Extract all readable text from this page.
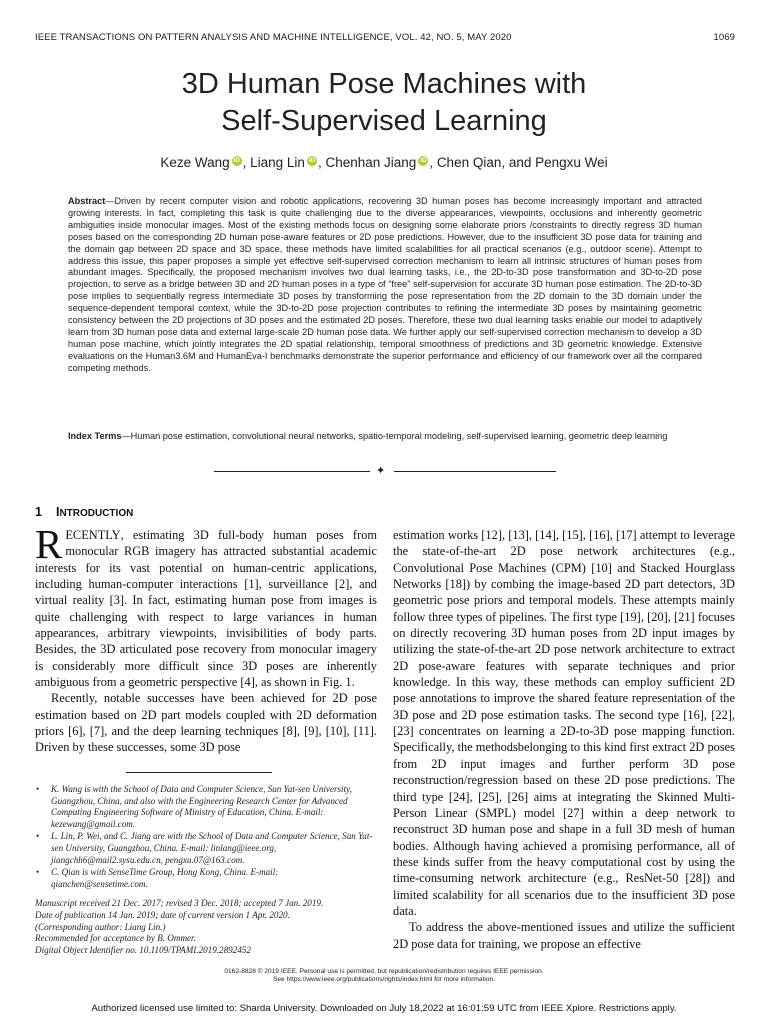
IEEE TRANSACTIONS ON PATTERN ANALYSIS AND MACHINE INTELLIGENCE, VOL. 42, NO. 5, MAY 2020	1069
3D Human Pose Machines with
Self-Supervised Learning
Keze Wang iD , Liang Lin iD , Chenhan Jiang iD , Chen Qian, and Pengxu Wei
Abstract—Driven by recent computer vision and robotic applications, recovering 3D human poses has become increasingly important and attracted growing interests. In fact, completing this task is quite challenging due to the diverse appearances, viewpoints, occlusions and inherently geometric ambiguities inside monocular images. Most of the existing methods focus on designing some elaborate priors /constraints to directly regress 3D human poses based on the corresponding 2D human pose-aware features or 2D pose predictions. However, due to the insufficient 3D pose data for training and the domain gap between 2D space and 3D space, these methods have limited scalabilities for all practical scenarios (e.g., outdoor scene). Attempt to address this issue, this paper proposes a simple yet effective self-supervised correction mechanism to learn all intrinsic structures of human poses from abundant images. Specifically, the proposed mechanism involves two dual learning tasks, i.e., the 2D-to-3D pose transformation and 3D-to-2D pose projection, to serve as a bridge between 3D and 2D human poses in a type of “free” self-supervision for accurate 3D human pose estimation. The 2D-to-3D pose implies to sequentially regress intermediate 3D poses by transforming the pose representation from the 2D domain to the 3D domain under the sequence-dependent temporal context, while the 3D-to-2D pose projection contributes to refining the intermediate 3D poses by maintaining geometric consistency between the 2D projections of 3D poses and the estimated 2D poses. Therefore, these two dual learning tasks enable our model to adaptively learn from 3D human pose data and external large-scale 2D human pose data. We further apply our self-supervised correction mechanism to develop a 3D human pose machine, which jointly integrates the 2D spatial relationship, temporal smoothness of predictions and 3D geometric knowledge. Extensive evaluations on the Human3.6M and HumanEva-I benchmarks demonstrate the superior performance and efficiency of our framework over all the compared competing methods.
Index Terms—Human pose estimation, convolutional neural networks, spatio-temporal modeling, self-supervised learning, geometric deep learning
✦
1 INTRODUCTION

RECENTLY, estimating 3D full-body human poses from monocular RGB imagery has attracted substantial academic interests for its vast potential on human-centric applications, including human-computer interactions [1], surveillance [2], and virtual reality [3]. In fact, estimating human pose from images is quite challenging with respect to large variances in human appearances, arbitrary viewpoints, invisibilities of body parts. Besides, the 3D articulated pose recovery from monocular imagery is considerably more difficult since 3D poses are inherently ambiguous from a geometric perspective [4], as shown in Fig. 1.

Recently, notable successes have been achieved for 2D pose estimation based on 2D part models coupled with 2D deformation priors [6], [7], and the deep learning techniques [8], [9], [10], [11]. Driven by these successes, some 3D pose

• K. Wang is with the School of Data and Computer Science, Sun Yat-sen University, Guangzhou, China, and also with the Engineering Research Center for Advanced Computing Engineering Software of Ministry of Education, China. E-mail: kezewang@gmail.com.
• L. Lin, P. Wei, and C. Jiang are with the School of Data and Computer Science, Sun Yat-sen University, Guangzhou, China. E-mail: linlang@ieee.org, jiangchh6@mail2.sysu.edu.cn, pengxu.07@163.com.
• C. Qian is with SenseTime Group, Hong Kong, China. E-mail: qianchen@sensetime.com.
Manuscript received 21 Dec. 2017; revised 3 Dec. 2018; accepted 7 Jan. 2019.
Date of publication 14 Jan. 2019; date of current version 1 Apr. 2020.
(Corresponding author: Liang Lin.)
Recommended for acceptance by B. Ommer.
Digital Object Identifier no. 10.1109/TPAMI.2019.2892452

estimation works [12], [13], [14], [15], [16], [17] attempt to leverage the state-of-the-art 2D pose network architectures (e.g., Convolutional Pose Machines (CPM) [10] and Stacked Hourglass Networks [18]) by combing the image-based 2D part detectors, 3D geometric pose priors and temporal models. These attempts mainly follow three types of pipelines. The first type [19], [20], [21] focuses on directly recovering 3D human poses from 2D input images by utilizing the state-of-the-art 2D pose network architecture to extract 2D pose-aware features with separate techniques and prior knowledge. In this way, these methods can employ sufficient 2D pose annotations to improve the shared feature representation of the 3D pose and 2D pose estimation tasks. The second type [16], [22], [23] concentrates on learning a 2D-to-3D pose mapping function. Specifically, the methodsbelonging to this kind first extract 2D poses from 2D input images and further perform 3D pose reconstruction/regression based on these 2D pose predictions. The third type [24], [25], [26] aims at integrating the Skinned Multi-Person Linear (SMPL) model [27] within a deep network to reconstruct 3D human pose and shape in a full 3D mesh of human bodies. Although having achieved a promising performance, all of these kinds suffer from the heavy computational cost by using the time-consuming network architecture (e.g., ResNet-50 [28]) and limited scalability for all scenarios due to the insufficient 3D pose data.

To address the above-mentioned issues and utilize the sufficient 2D pose data for training, we propose an effective

0162-8828 © 2019 IEEE. Personal use is permitted, but republication/redistribution requires IEEE permission.
See https://www.ieee.org/publications/rights/index.html for more information.
Authorized licensed use limited to: Sharda University. Downloaded on July 18,2022 at 16:01:59 UTC from IEEE Xplore. Restrictions apply.
